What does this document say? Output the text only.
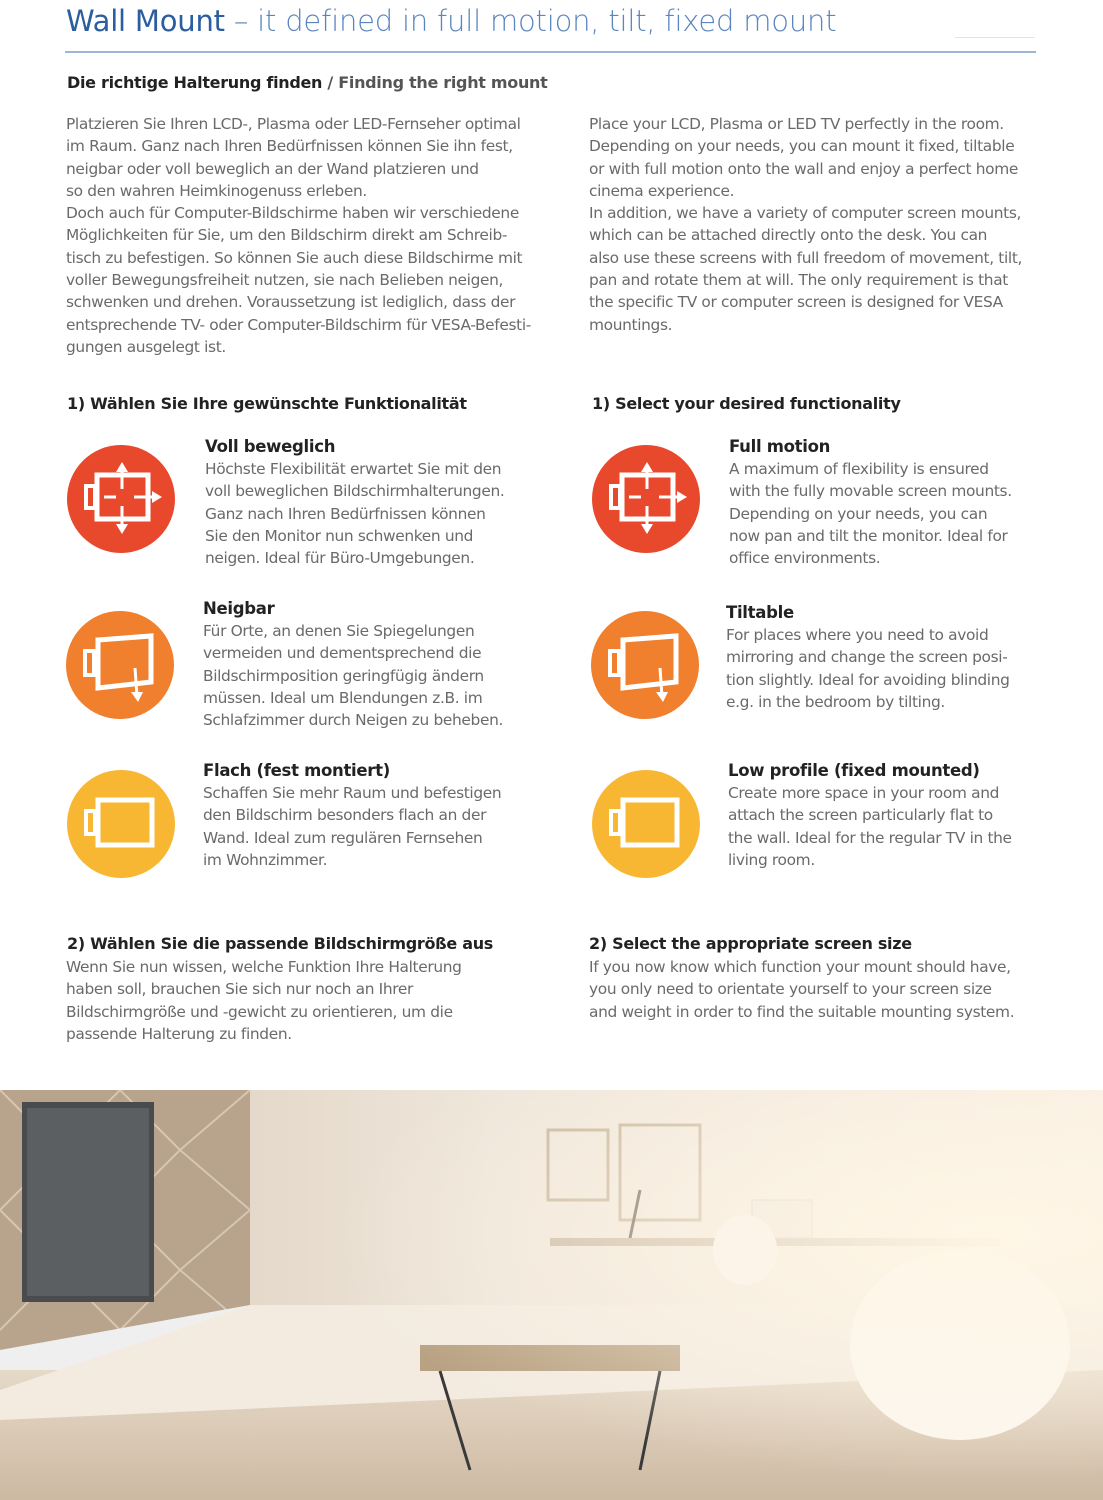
Wall Mount – it defined in full motion, tilt, fixed mount
Die richtige Halterung finden / Finding the right mount
Platzieren Sie Ihren LCD-, Plasma oder LED-Fernseher optimal
im Raum. Ganz nach Ihren Bedürfnissen können Sie ihn fest,
neigbar oder voll beweglich an der Wand platzieren und
so den wahren Heimkinogenuss erleben.
Doch auch für Computer-Bildschirme haben wir verschiedene
Möglichkeiten für Sie, um den Bildschirm direkt am Schreib-
tisch zu befestigen. So können Sie auch diese Bildschirme mit
voller Bewegungsfreiheit nutzen, sie nach Belieben neigen,
schwenken und drehen. Voraussetzung ist lediglich, dass der
entsprechende TV- oder Computer-Bildschirm für VESA-Befesti-
gungen ausgelegt ist.
Place your LCD, Plasma or LED TV perfectly in the room.
Depending on your needs, you can mount it fixed, tiltable
or with full motion onto the wall and enjoy a perfect home
cinema experience.
In addition, we have a variety of computer screen mounts,
which can be attached directly onto the desk. You can
also use these screens with full freedom of movement, tilt,
pan and rotate them at will. The only requirement is that
the specific TV or computer screen is designed for VESA
mountings.
1) Wählen Sie Ihre gewünschte Funktionalität	1) Select your desired functionality
Voll beweglich
Höchste Flexibilität erwartet Sie mit den
voll beweglichen Bildschirmhalterungen.
Ganz nach Ihren Bedürfnissen können
Sie den Monitor nun schwenken und
neigen. Ideal für Büro-Umgebungen.
Neigbar
Für Orte, an denen Sie Spiegelungen
vermeiden und dementsprechend die
Bildschirmposition geringfügig ändern
müssen. Ideal um Blendungen z.B. im
Schlafzimmer durch Neigen zu beheben.
Flach (fest montiert)
Schaffen Sie mehr Raum und befestigen
den Bildschirm besonders flach an der
Wand. Ideal zum regulären Fernsehen
im Wohnzimmer.
Full motion
A maximum of flexibility is ensured
with the fully movable screen mounts.
Depending on your needs, you can
now pan and tilt the monitor. Ideal for
office environments.
Tiltable
For places where you need to avoid
mirroring and change the screen posi-
tion slightly. Ideal for avoiding blinding
e.g. in the bedroom by tilting.
Low profile (fixed mounted)
Create more space in your room and
attach the screen particularly flat to
the wall. Ideal for the regular TV in the
living room.
2) Wählen Sie die passende Bildschirmgröße aus
Wenn Sie nun wissen, welche Funktion Ihre Halterung
haben soll, brauchen Sie sich nur noch an Ihrer
Bildschirmgröße und -gewicht zu orientieren, um die
passende Halterung zu finden.
2) Select the appropriate screen size
If you now know which function your mount should have,
you only need to orientate yourself to your screen size
and weight in order to find the suitable mounting system.
